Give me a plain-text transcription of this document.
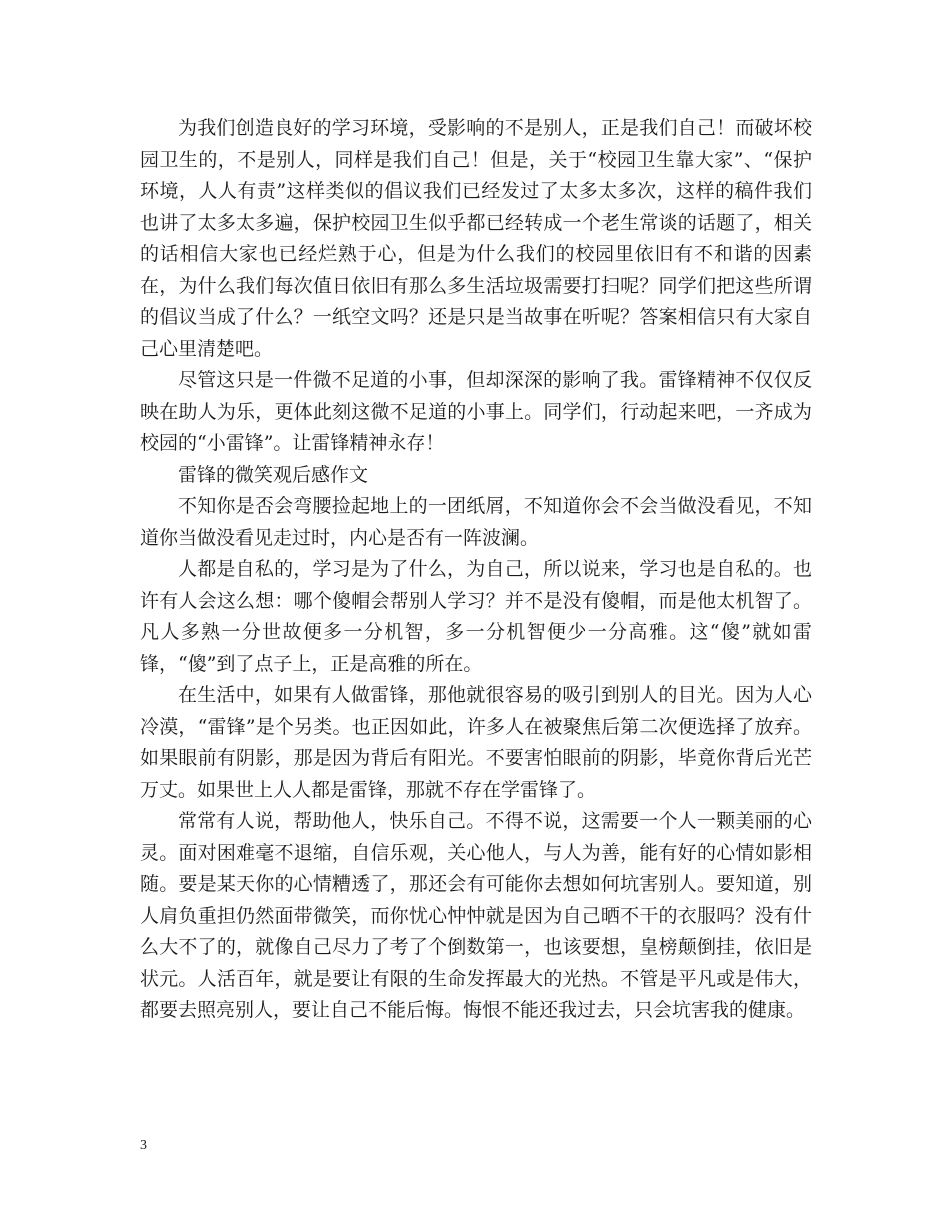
为我们创造良好的学习环境，受影响的不是别人，正是我们自己！而破坏校园卫生的，不是别人，同样是我们自己！但是，关于“校园卫生靠大家”、“保护环境，人人有责”这样类似的倡议我们已经发过了太多太多次，这样的稿件我们也讲了太多太多遍，保护校园卫生似乎都已经转成一个老生常谈的话题了，相关的话相信大家也已经烂熟于心，但是为什么我们的校园里依旧有不和谐的因素在，为什么我们每次值日依旧有那么多生活垃圾需要打扫呢？同学们把这些所谓的倡议当成了什么？一纸空文吗？还是只是当故事在听呢？答案相信只有大家自己心里清楚吧。

尽管这只是一件微不足道的小事，但却深深的影响了我。雷锋精神不仅仅反映在助人为乐，更体此刻这微不足道的小事上。同学们，行动起来吧，一齐成为校园的“小雷锋”。让雷锋精神永存！

雷锋的微笑观后感作文

不知你是否会弯腰捡起地上的一团纸屑，不知道你会不会当做没看见，不知道你当做没看见走过时，内心是否有一阵波澜。

人都是自私的，学习是为了什么，为自己，所以说来，学习也是自私的。也许有人会这么想：哪个傻帽会帮别人学习？并不是没有傻帽，而是他太机智了。凡人多熟一分世故便多一分机智，多一分机智便少一分高雅。这“傻”就如雷锋，“傻”到了点子上，正是高雅的所在。

在生活中，如果有人做雷锋，那他就很容易的吸引到别人的目光。因为人心冷漠，“雷锋”是个另类。也正因如此，许多人在被聚焦后第二次便选择了放弃。如果眼前有阴影，那是因为背后有阳光。不要害怕眼前的阴影，毕竟你背后光芒万丈。如果世上人人都是雷锋，那就不存在学雷锋了。

常常有人说，帮助他人，快乐自己。不得不说，这需要一个人一颗美丽的心灵。面对困难毫不退缩，自信乐观，关心他人，与人为善，能有好的心情如影相随。要是某天你的心情糟透了，那还会有可能你去想如何坑害别人。要知道，别人肩负重担仍然面带微笑，而你忧心忡忡就是因为自己晒不干的衣服吗？没有什么大不了的，就像自己尽力了考了个倒数第一，也该要想，皇榜颠倒挂，依旧是状元。人活百年，就是要让有限的生命发挥最大的光热。不管是平凡或是伟大，都要去照亮别人，要让自己不能后悔。悔恨不能还我过去，只会坑害我的健康。

3
